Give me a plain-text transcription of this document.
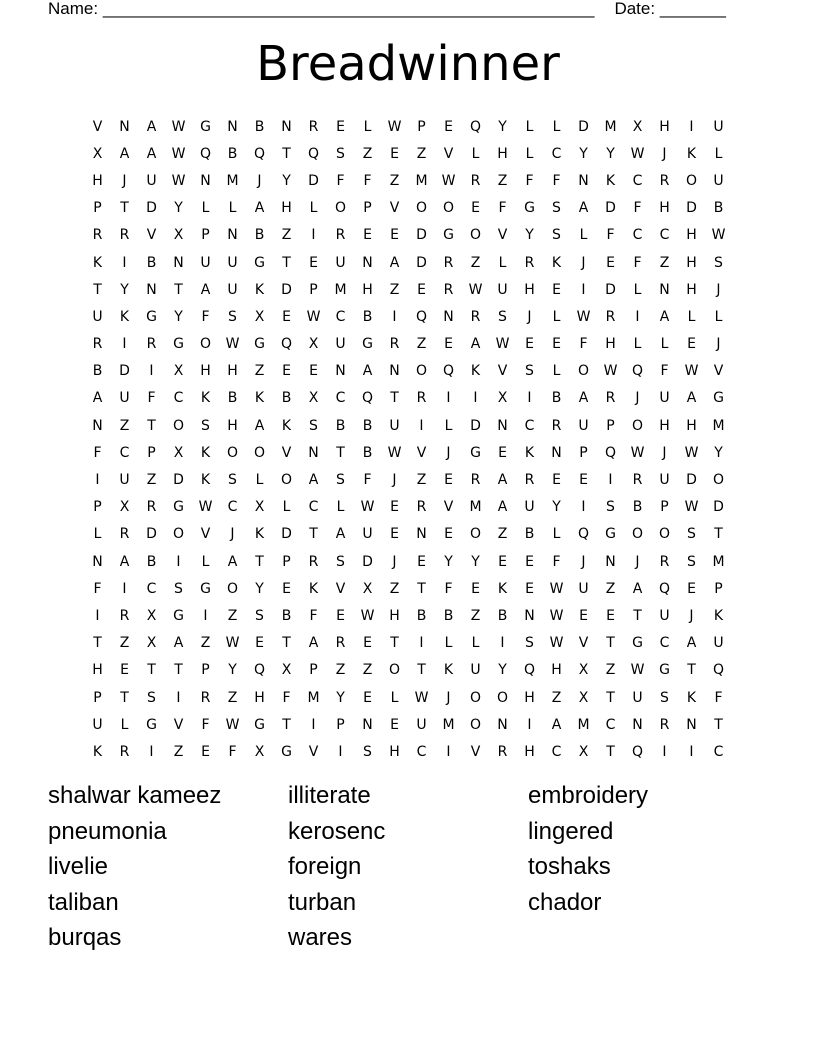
Name: ____________________________________________________ Date: _______
Breadwinner
V	N	A	W	G	N	B	N	R	E	L	W	P	E	Q	Y	L	L	D	M	X	H	I	U
X	A	A	W	Q	B	Q	T	Q	S	Z	E	Z	V	L	H	L	C	Y	Y	W	J	K	L
H	J	U	W	N	M	J	Y	D	F	F	Z	M	W	R	Z	F	F	N	K	C	R	O	U
P	T	D	Y	L	L	A	H	L	O	P	V	O	O	E	F	G	S	A	D	F	H	D	B
R	R	V	X	P	N	B	Z	I	R	E	E	D	G	O	V	Y	S	L	F	C	C	H	W
K	I	B	N	U	U	G	T	E	U	N	A	D	R	Z	L	R	K	J	E	F	Z	H	S
T	Y	N	T	A	U	K	D	P	M	H	Z	E	R	W	U	H	E	I	D	L	N	H	J
U	K	G	Y	F	S	X	E	W	C	B	I	Q	N	R	S	J	L	W	R	I	A	L	L
R	I	R	G	O	W	G	Q	X	U	G	R	Z	E	A	W	E	E	F	H	L	L	E	J
B	D	I	X	H	H	Z	E	E	N	A	N	O	Q	K	V	S	L	O	W	Q	F	W	V
A	U	F	C	K	B	K	B	X	C	Q	T	R	I	I	X	I	B	A	R	J	U	A	G
N	Z	T	O	S	H	A	K	S	B	B	U	I	L	D	N	C	R	U	P	O	H	H	M
F	C	P	X	K	O	O	V	N	T	B	W	V	J	G	E	K	N	P	Q	W	J	W	Y
I	U	Z	D	K	S	L	O	A	S	F	J	Z	E	R	A	R	E	E	I	R	U	D	O
P	X	R	G	W	C	X	L	C	L	W	E	R	V	M	A	U	Y	I	S	B	P	W	D
L	R	D	O	V	J	K	D	T	A	U	E	N	E	O	Z	B	L	Q	G	O	O	S	T
N	A	B	I	L	A	T	P	R	S	D	J	E	Y	Y	E	E	F	J	N	J	R	S	M
F	I	C	S	G	O	Y	E	K	V	X	Z	T	F	E	K	E	W	U	Z	A	Q	E	P
I	R	X	G	I	Z	S	B	F	E	W	H	B	B	Z	B	N	W	E	E	T	U	J	K
T	Z	X	A	Z	W	E	T	A	R	E	T	I	L	L	I	S	W	V	T	G	C	A	U
H	E	T	T	P	Y	Q	X	P	Z	Z	O	T	K	U	Y	Q	H	X	Z	W	G	T	Q
P	T	S	I	R	Z	H	F	M	Y	E	L	W	J	O	O	H	Z	X	T	U	S	K	F
U	L	G	V	F	W	G	T	I	P	N	E	U	M	O	N	I	A	M	C	N	R	N	T
K	R	I	Z	E	F	X	G	V	I	S	H	C	I	V	R	H	C	X	T	Q	I	I	C
shalwar kameez
pneumonia
livelie
taliban
burqas
illiterate
kerosenc
foreign
turban
wares
embroidery
lingered
toshaks
chador
